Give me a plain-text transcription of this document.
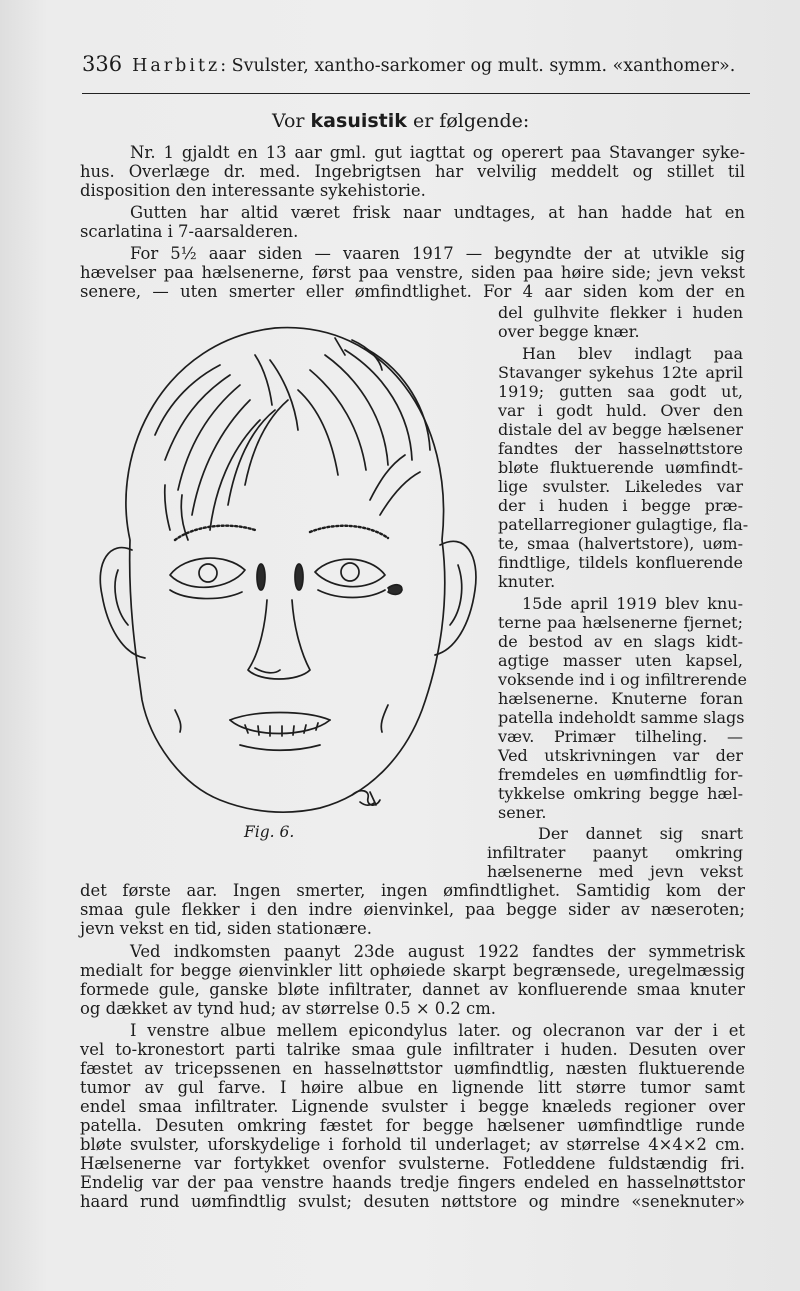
336 Harbitz: Svulster, xantho-sarkomer og mult. symm. «xanthomer».
Vor kasuistik er følgende:

Nr. 1 gjaldt en 13 aar gml. gut iagttat og operert paa Stavanger syke-

hus. Overlæge dr. med. Ingebrigtsen har velvilig meddelt og stillet til

disposition den interessante sykehistorie.

Gutten har altid været frisk naar undtages, at han hadde hat en

scarlatina i 7-aarsalderen.

For 5½ aaar siden — vaaren 1917 — begyndte der at utvikle sig

hævelser paa hælsenerne, først paa venstre, siden paa høire side; jevn vekst

senere, — uten smerter eller ømfindtlighet. For 4 aar siden kom der en

del gulhvite flekker i huden

over begge knær.

Han blev indlagt paa

Stavanger sykehus 12te april

1919; gutten saa godt ut,

var i godt huld. Over den

distale del av begge hælsener

fandtes der hasselnøttstore

bløte fluktuerende uømfindt-

lige svulster. Likeledes var

der i huden i begge præ-

patellarregioner gulagtige, fla-

te, smaa (halvertstore), uøm-

findtlige, tildels konfluerende

knuter.

15de april 1919 blev knu-

terne paa hælsenerne fjernet;

de bestod av en slags kidt-

agtige masser uten kapsel,

voksende ind i og infiltrerende

hælsenerne. Knuterne foran

patella indeholdt samme slags

væv. Primær tilheling. —

Ved utskrivningen var der

fremdeles en uømfindtlig for-

tykkelse omkring begge hæl-

sener.

Der dannet sig snart

infiltrater paanyt omkring

hælsenerne med jevn vekst

Fig. 6.

det første aar. Ingen smerter, ingen ømfindtlighet. Samtidig kom der

smaa gule flekker i den indre øienvinkel, paa begge sider av næseroten;

jevn vekst en tid, siden stationære.

Ved indkomsten paanyt 23de august 1922 fandtes der symmetrisk

medialt for begge øienvinkler litt ophøiede skarpt begrænsede, uregelmæssig

formede gule, ganske bløte infiltrater, dannet av konfluerende smaa knuter

og dækket av tynd hud; av størrelse 0.5 × 0.2 cm.

I venstre albue mellem epicondylus later. og olecranon var der i et

vel to-kronestort parti talrike smaa gule infiltrater i huden. Desuten over

fæstet av tricepssenen en hasselnøttstor uømfindtlig, næsten fluktuerende

tumor av gul farve. I høire albue en lignende litt større tumor samt

endel smaa infiltrater. Lignende svulster i begge knæleds regioner over

patella. Desuten omkring fæstet for begge hælsener uømfindtlige runde

bløte svulster, uforskydelige i forhold til underlaget; av størrelse 4×4×2 cm.

Hælsenerne var fortykket ovenfor svulsterne. Fotleddene fuldstændig fri.

Endelig var der paa venstre haands tredje fingers endeled en hasselnøttstor

haard rund uømfindtlig svulst; desuten nøttstore og mindre «seneknuter»
